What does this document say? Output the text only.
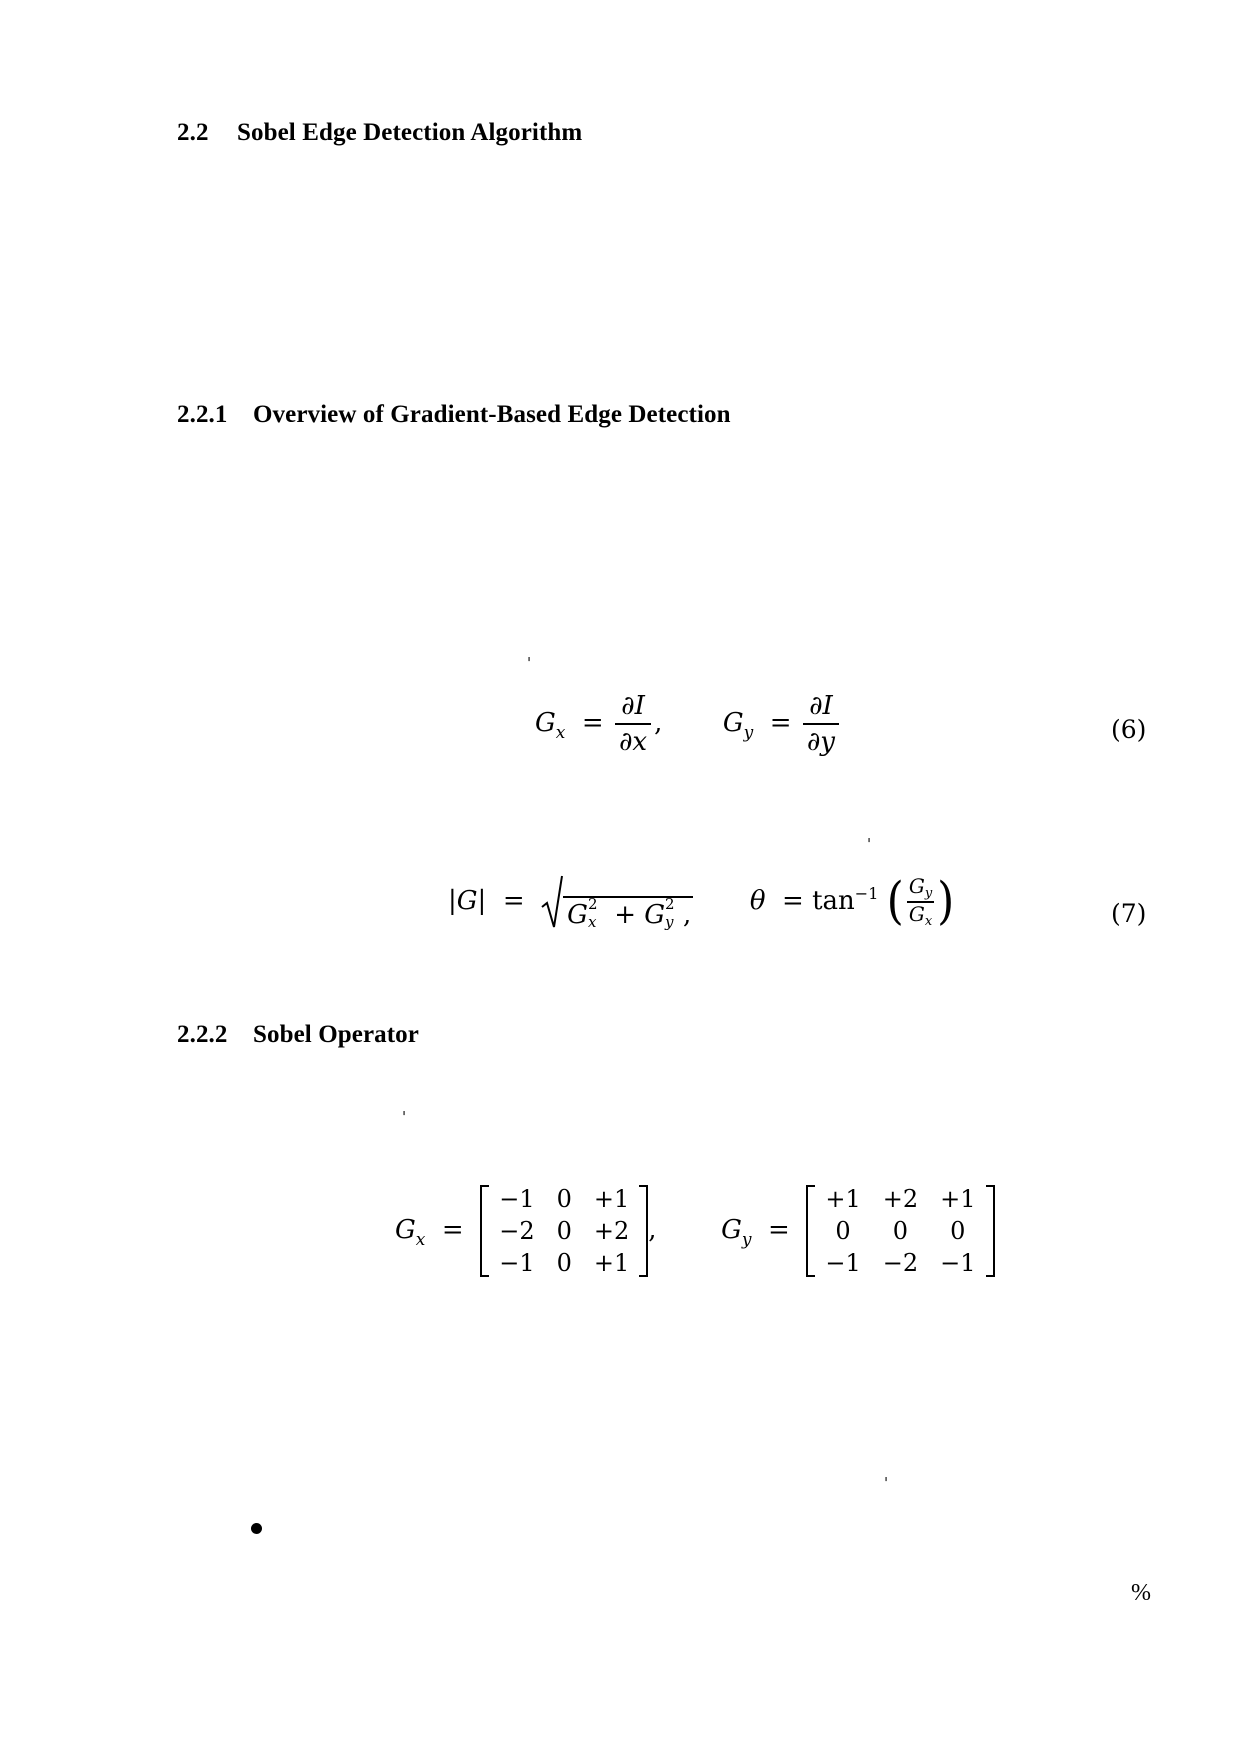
2.2 Sobel Edge Detection Algorithm
2.2.1 Overview of Gradient-Based Edge Detection
2.2.2 Sobel Operator
'
'
'
'
$G_x = \frac{\partial I}{\partial x}$ , $G_y = \frac{\partial I}{\partial y}$	(6)
|G|  = G 2
x + G 2
y , $\theta = \tan^{-1}$ ( $\frac{G_y}{G_x}$ )	(7)
$G_x$  =
−1	0	+1
−2	0	+2
−1	0	+1
, $G_y$  =
+1	+2	+1
0	0	0
−1	−2	−1
%
